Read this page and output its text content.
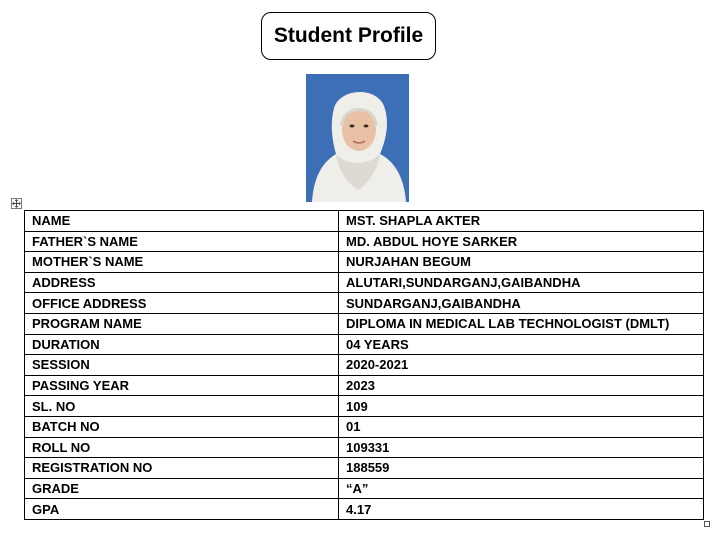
Student Profile
NAME	MST. SHAPLA AKTER
FATHER`S NAME	MD. ABDUL HOYE SARKER
MOTHER`S NAME	NURJAHAN BEGUM
ADDRESS	ALUTARI,SUNDARGANJ,GAIBANDHA
OFFICE ADDRESS	SUNDARGANJ,GAIBANDHA
PROGRAM NAME	DIPLOMA IN MEDICAL LAB TECHNOLOGIST (DMLT)
DURATION	04 YEARS
SESSION	2020-2021
PASSING YEAR	2023
SL. NO	109
BATCH NO	01
ROLL NO	109331
REGISTRATION NO	188559
GRADE	“A”
GPA	4.17
